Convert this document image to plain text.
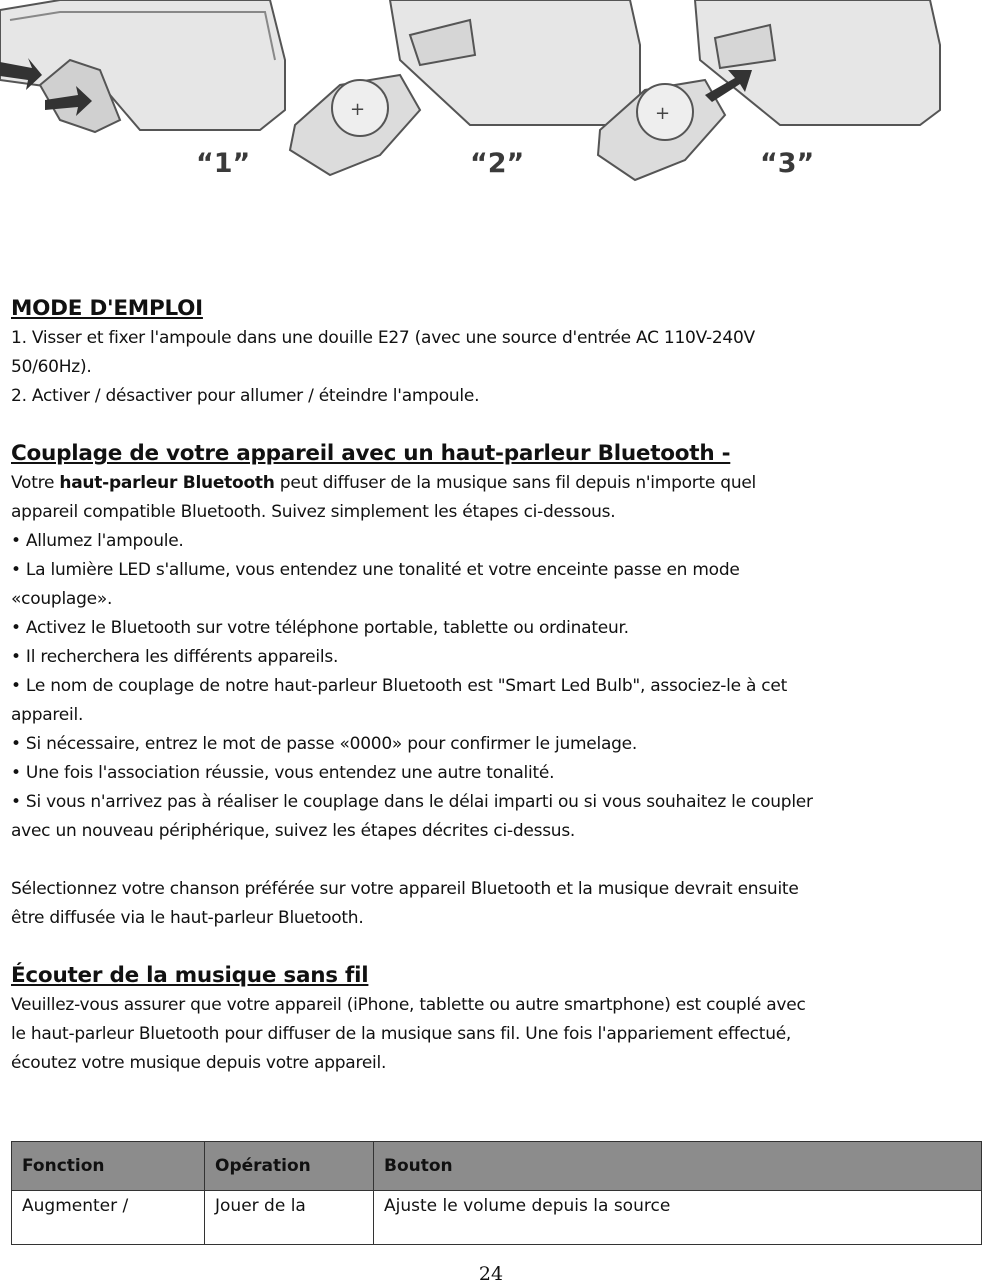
+	+
“1”	“2”	“3”

MODE D'EMPLOI

1. Visser et fixer l'ampoule dans une douille E27 (avec une source d'entrée AC 110V-240V

50/60Hz).

2. Activer / désactiver pour allumer / éteindre l'ampoule.

Couplage de votre appareil avec un haut-parleur Bluetooth -

Votre haut-parleur Bluetooth peut diffuser de la musique sans fil depuis n'importe quel

appareil compatible Bluetooth. Suivez simplement les étapes ci-dessous.

• Allumez l'ampoule.

• La lumière LED s'allume, vous entendez une tonalité et votre enceinte passe en mode

«couplage».

• Activez le Bluetooth sur votre téléphone portable, tablette ou ordinateur.

• Il recherchera les différents appareils.

• Le nom de couplage de notre haut-parleur Bluetooth est "Smart Led Bulb", associez-le à cet

appareil.

• Si nécessaire, entrez le mot de passe «0000» pour confirmer le jumelage.

• Une fois l'association réussie, vous entendez une autre tonalité.

• Si vous n'arrivez pas à réaliser le couplage dans le délai imparti ou si vous souhaitez le coupler

avec un nouveau périphérique, suivez les étapes décrites ci-dessus.

Sélectionnez votre chanson préférée sur votre appareil Bluetooth et la musique devrait ensuite

être diffusée via le haut-parleur Bluetooth.

Écouter de la musique sans fil

Veuillez-vous assurer que votre appareil (iPhone, tablette ou autre smartphone) est couplé avec

le haut-parleur Bluetooth pour diffuser de la musique sans fil. Une fois l'appariement effectué,

écoutez votre musique depuis votre appareil.

Fonction	Opération	Bouton
Augmenter /	Jouer de la	Ajuste le volume depuis la source
24
